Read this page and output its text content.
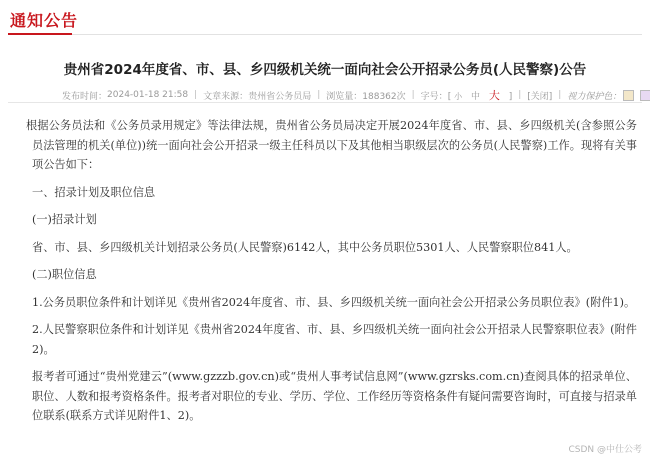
通知公告
贵州省2024年度省、市、县、乡四级机关统一面向社会公开招录公务员(人民警察)公告
发布时间： 2024-01-18 21:58 | 文章来源： 贵州省公务员局 | 浏览量： 188362次 | 字号： [ 小 中 大 ] | [关闭] | 视力保护色：

根据公务员法和《公务员录用规定》等法律法规，贵州省公务员局决定开展2024年度省、市、县、乡四级机关(含参照公务员法管理的机关(单位))统一面向社会公开招录一级主任科员以下及其他相当职级层次的公务员(人民警察)工作。现将有关事项公告如下：

一、招录计划及职位信息

(一)招录计划

省、市、县、乡四级机关计划招录公务员(人民警察)6142人，其中公务员职位5301人、人民警察职位841人。

(二)职位信息

1.公务员职位条件和计划详见《贵州省2024年度省、市、县、乡四级机关统一面向社会公开招录公务员职位表》(附件1)。

2.人民警察职位条件和计划详见《贵州省2024年度省、市、县、乡四级机关统一面向社会公开招录人民警察职位表》(附件2)。

报考者可通过“贵州党建云”(www.gzzzb.gov.cn)或“贵州人事考试信息网”(www.gzrsks.com.cn)查阅具体的招录单位、职位、人数和报考资格条件。报考者对职位的专业、学历、学位、工作经历等资格条件有疑问需要咨询时，可直接与招录单位联系(联系方式详见附件1、2)。

CSDN @中仕公考
